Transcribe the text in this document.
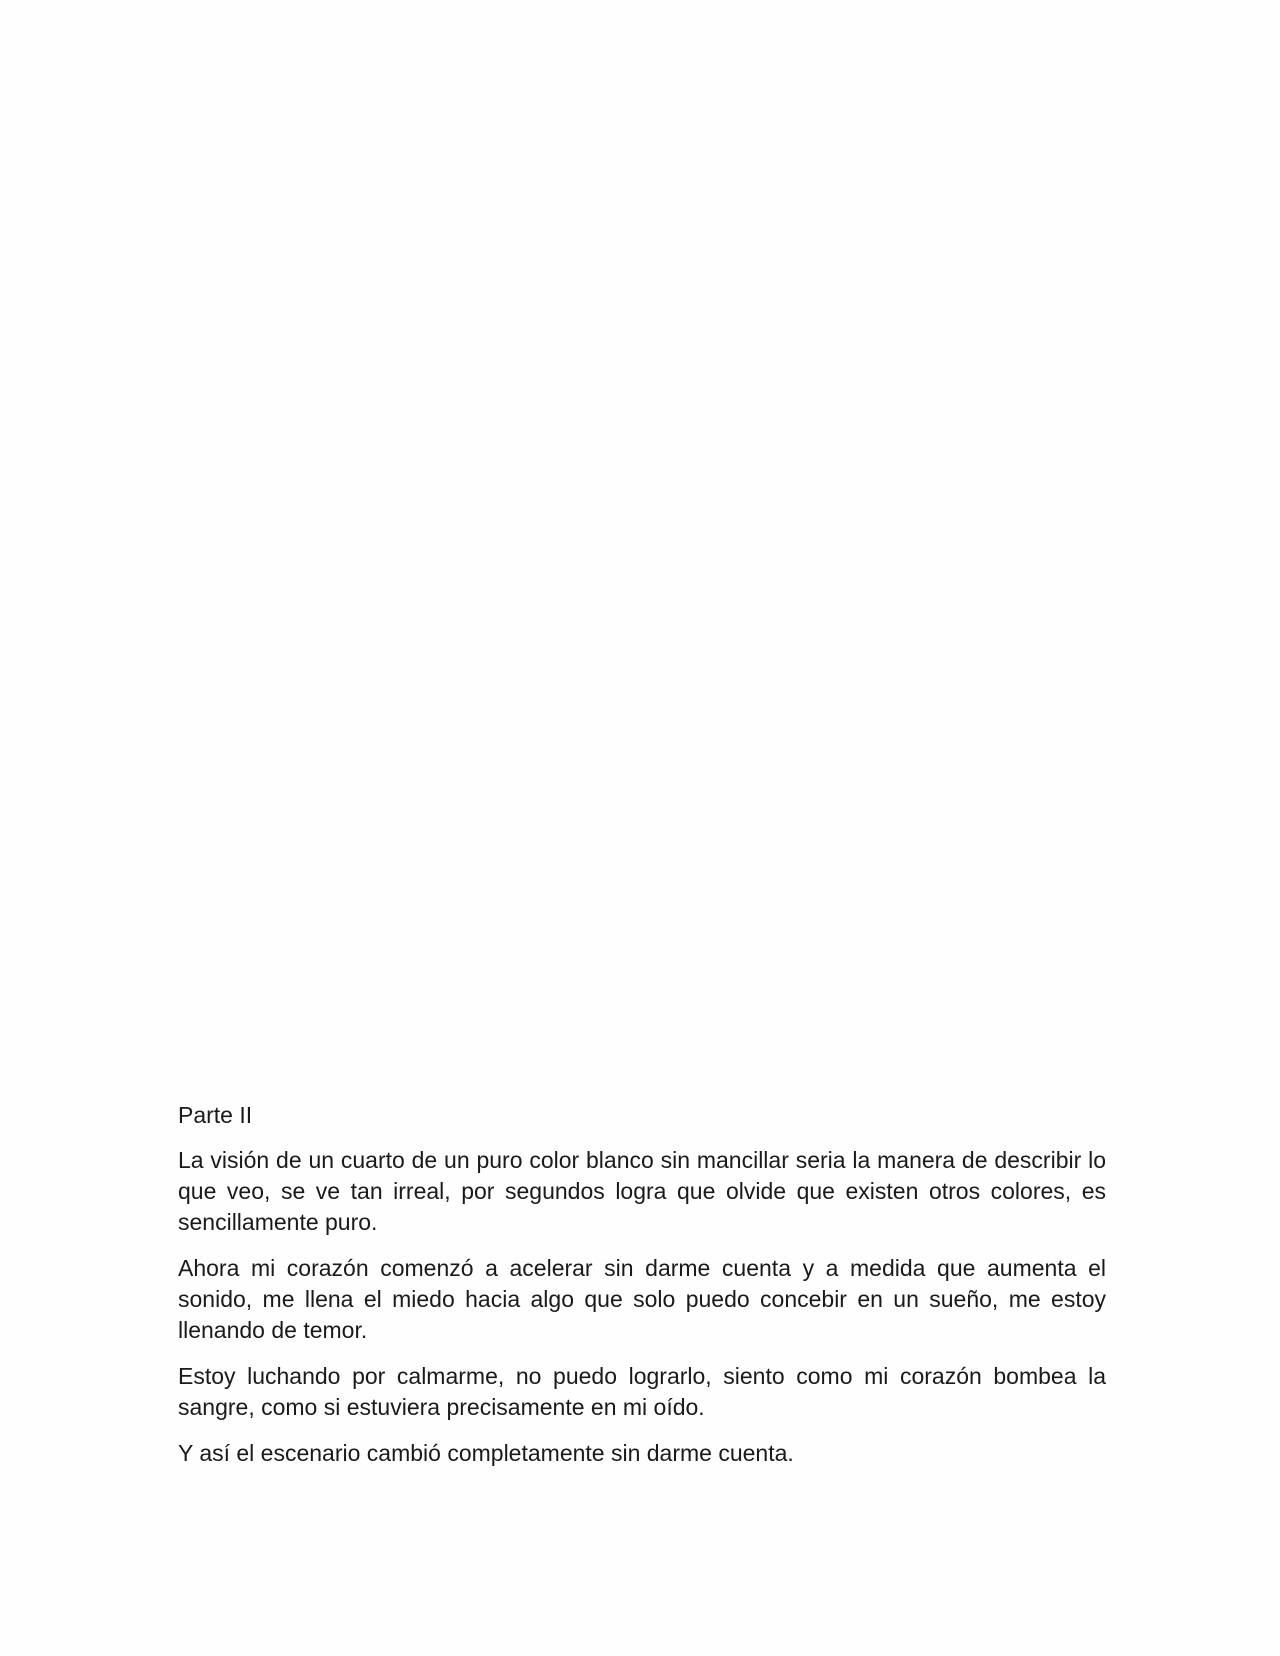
Parte II

La visión de un cuarto de un puro color blanco sin mancillar seria la manera de describir lo que veo, se ve tan irreal, por segundos logra que olvide que existen otros colores, es sencillamente puro.

Ahora mi corazón comenzó a acelerar sin darme cuenta y a medida que aumenta el sonido, me llena el miedo hacia algo que solo puedo concebir en un sueño, me estoy llenando de temor.

Estoy luchando por calmarme, no puedo lograrlo, siento como mi corazón bombea la sangre, como si estuviera precisamente en mi oído.

Y así el escenario cambió completamente sin darme cuenta.
